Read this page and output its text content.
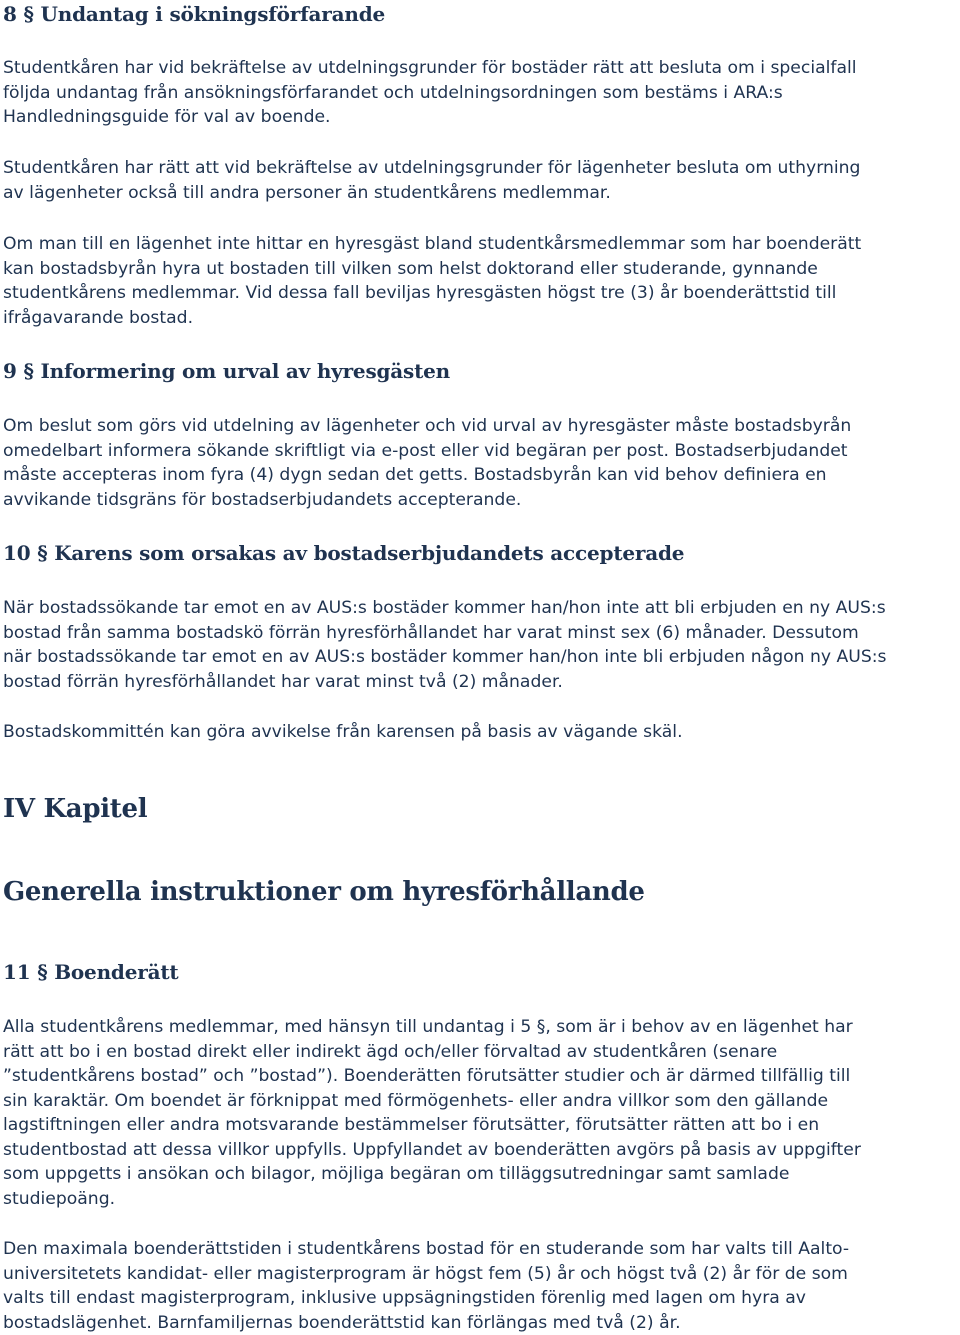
8 § Undantag i sökningsförfarande

Studentkåren har vid bekräftelse av utdelningsgrunder för bostäder rätt att besluta om i specialfall
följda undantag från ansökningsförfarandet och utdelningsordningen som bestäms i ARA:s
Handledningsguide för val av boende.

Studentkåren har rätt att vid bekräftelse av utdelningsgrunder för lägenheter besluta om uthyrning
av lägenheter också till andra personer än studentkårens medlemmar.

Om man till en lägenhet inte hittar en hyresgäst bland studentkårsmedlemmar som har boenderätt
kan bostadsbyrån hyra ut bostaden till vilken som helst doktorand eller studerande, gynnande
studentkårens medlemmar. Vid dessa fall beviljas hyresgästen högst tre (3) år boenderättstid till
ifrågavarande bostad.

9 § Informering om urval av hyresgästen

Om beslut som görs vid utdelning av lägenheter och vid urval av hyresgäster måste bostadsbyrån
omedelbart informera sökande skriftligt via e-post eller vid begäran per post. Bostadserbjudandet
måste accepteras inom fyra (4) dygn sedan det getts. Bostadsbyrån kan vid behov definiera en
avvikande tidsgräns för bostadserbjudandets accepterande.

10 § Karens som orsakas av bostadserbjudandets accepterade

När bostadssökande tar emot en av AUS:s bostäder kommer han/hon inte att bli erbjuden en ny AUS:s
bostad från samma bostadskö förrän hyresförhållandet har varat minst sex (6) månader. Dessutom
när bostadssökande tar emot en av AUS:s bostäder kommer han/hon inte bli erbjuden någon ny AUS:s
bostad förrän hyresförhållandet har varat minst två (2) månader.

Bostadskommittén kan göra avvikelse från karensen på basis av vägande skäl.

IV Kapitel
Generella instruktioner om hyresförhållande
11 § Boenderätt

Alla studentkårens medlemmar, med hänsyn till undantag i 5 §, som är i behov av en lägenhet har
rätt att bo i en bostad direkt eller indirekt ägd och/eller förvaltad av studentkåren (senare
”studentkårens bostad” och ”bostad”). Boenderätten förutsätter studier och är därmed tillfällig till
sin karaktär. Om boendet är förknippat med förmögenhets- eller andra villkor som den gällande
lagstiftningen eller andra motsvarande bestämmelser förutsätter, förutsätter rätten att bo i en
studentbostad att dessa villkor uppfylls. Uppfyllandet av boenderätten avgörs på basis av uppgifter
som uppgetts i ansökan och bilagor, möjliga begäran om tilläggsutredningar samt samlade
studiepoäng.

Den maximala boenderättstiden i studentkårens bostad för en studerande som har valts till Aalto-
universitetets kandidat- eller magisterprogram är högst fem (5) år och högst två (2) år för de som
valts till endast magisterprogram, inklusive uppsägningstiden förenlig med lagen om hyra av
bostadslägenhet. Barnfamiljernas boenderättstid kan förlängas med två (2) år.
